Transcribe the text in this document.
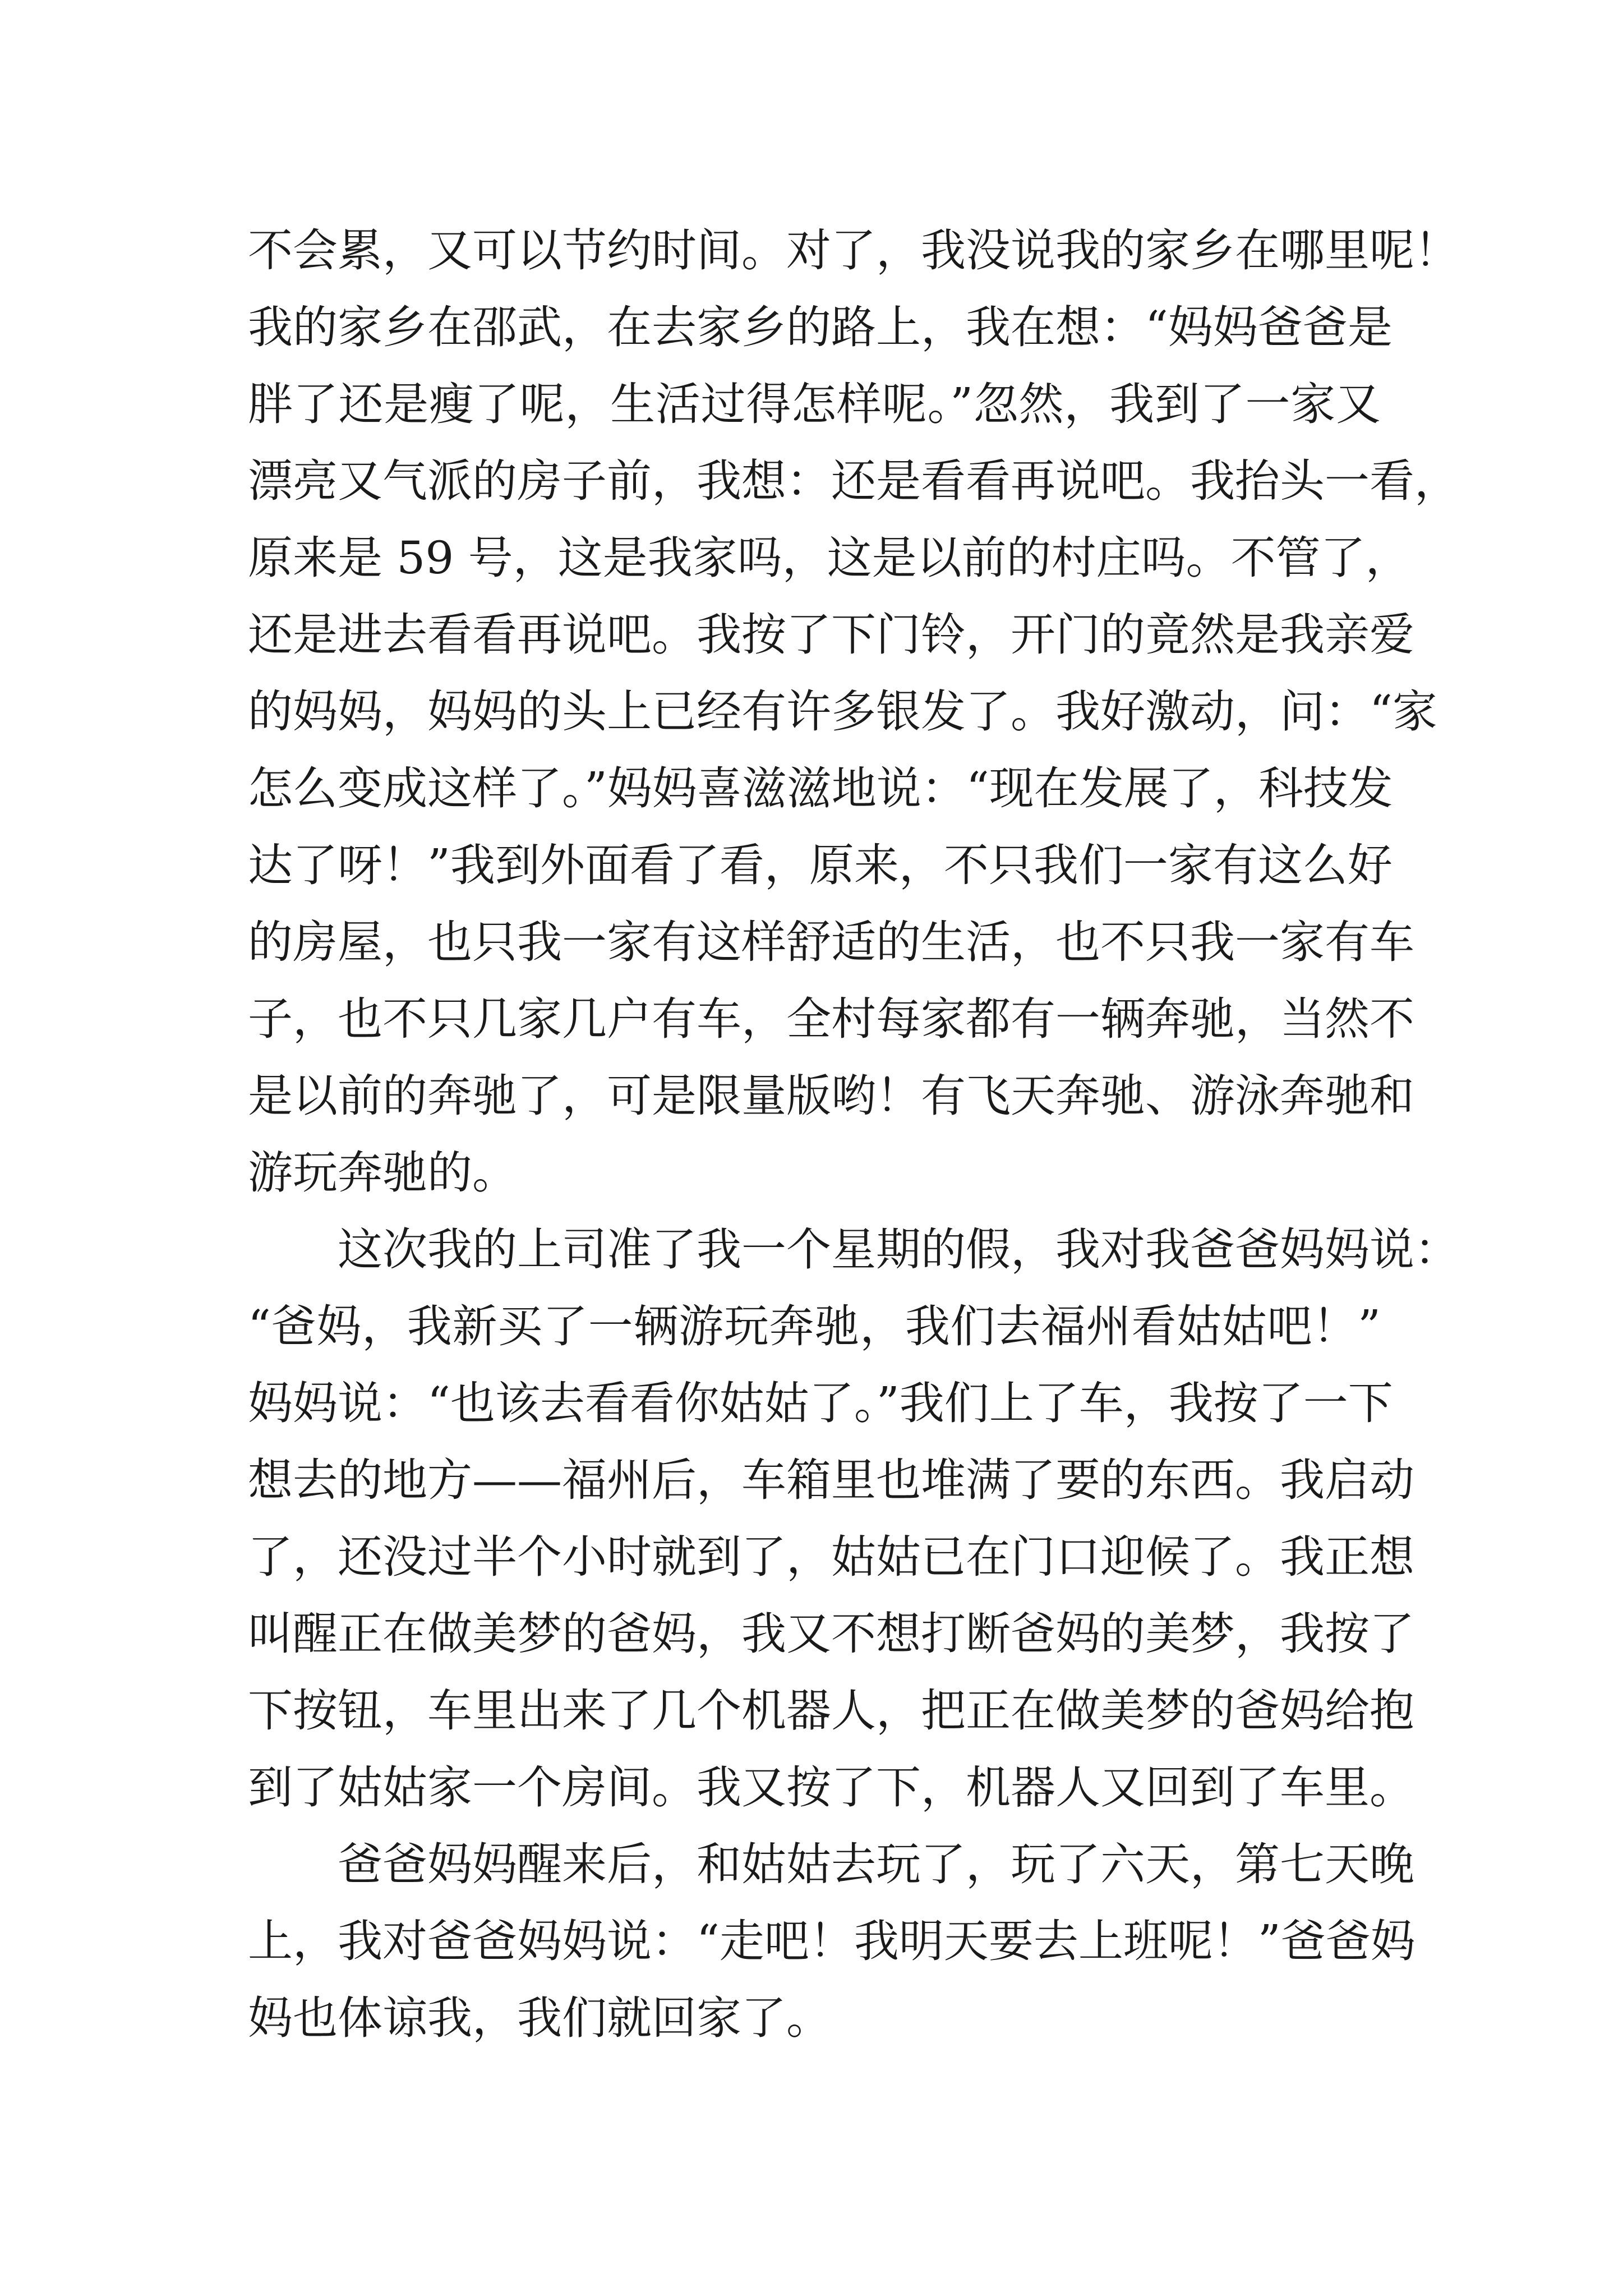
不会累，又可以节约时间。对了，我没说我的家乡在哪里呢！
我的家乡在邵武，在去家乡的路上，我在想：“妈妈爸爸是
胖了还是瘦了呢，生活过得怎样呢。”忽然，我到了一家又
漂亮又气派的房子前，我想：还是看看再说吧。我抬头一看，
原来是 59 号，这是我家吗，这是以前的村庄吗。不管了，
还是进去看看再说吧。我按了下门铃，开门的竟然是我亲爱
的妈妈，妈妈的头上已经有许多银发了。我好激动，问：“家
怎么变成这样了。”妈妈喜滋滋地说：“现在发展了，科技发
达了呀！”我到外面看了看，原来，不只我们一家有这么好
的房屋，也只我一家有这样舒适的生活，也不只我一家有车
子，也不只几家几户有车，全村每家都有一辆奔驰，当然不
是以前的奔驰了，可是限量版哟！有飞天奔驰、游泳奔驰和
游玩奔驰的。
这次我的上司准了我一个星期的假，我对我爸爸妈妈说：
“爸妈，我新买了一辆游玩奔驰，我们去福州看姑姑吧！”
妈妈说：“也该去看看你姑姑了。”我们上了车，我按了一下
想去的地方——福州后，车箱里也堆满了要的东西。我启动
了，还没过半个小时就到了，姑姑已在门口迎候了。我正想
叫醒正在做美梦的爸妈，我又不想打断爸妈的美梦，我按了
下按钮，车里出来了几个机器人，把正在做美梦的爸妈给抱
到了姑姑家一个房间。我又按了下，机器人又回到了车里。
爸爸妈妈醒来后，和姑姑去玩了，玩了六天，第七天晚
上，我对爸爸妈妈说：“走吧！我明天要去上班呢！”爸爸妈
妈也体谅我，我们就回家了。
